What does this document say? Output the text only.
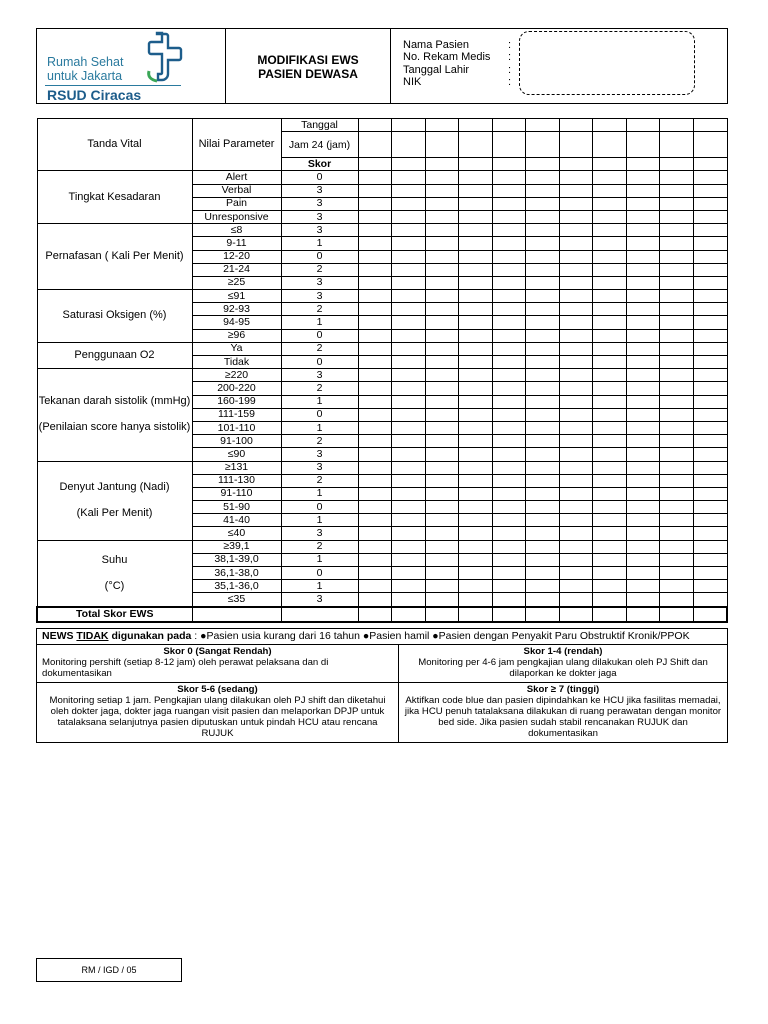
Rumah Sehat
untuk Jakarta
RSUD Ciracas
MODIFIKASI EWS
PASIEN DEWASA
Nama Pasien	:
No. Rekam Medis	:
Tanggal Lahir	:
NIK	:
Tanda Vital	Nilai Parameter	Tanggal											
		Jam 24 (jam)											
		Skor											
Tingkat Kesadaran	Alert	0											
	Verbal	3											
	Pain	3											
	Unresponsive	3											
Pernafasan ( Kali Per Menit)	≤8	3											
	9-11	1											
	12-20	0											
	21-24	2											
	≥25	3											
Saturasi Oksigen (%)	≤91	3											
	92-93	2											
	94-95	1											
	≥96	0											
Penggunaan O2	Ya	2											
	Tidak	0											
Tekanan darah sistolik (mmHg)

(Penilaian score hanya sistolik)	≥220	3											
	200-220	2											
	160-199	1											
	111-159	0											
	101-110	1											
	91-100	2											
	≤90	3											
Denyut Jantung (Nadi)

(Kali Per Menit)	≥131	3											
	111-130	2											
	91-110	1											
	51-90	0											
	41-40	1											
	≤40	3											
Suhu

(°C)	≥39,1	2											
	38,1-39,0	1											
	36,1-38,0	0											
	35,1-36,0	1											
	≤35	3											
Total Skor EWS													
NEWS TIDAK digunakan pada : ●Pasien usia kurang dari 16 tahun ●Pasien hamil ●Pasien dengan Penyakit Paru Obstruktif Kronik/PPOK
Skor 0 (Sangat Rendah)
Monitoring pershift (setiap 8-12 jam) oleh perawat pelaksana dan di dokumentasikan
Skor 1-4 (rendah)
Monitoring per 4-6 jam pengkajian ulang dilakukan oleh PJ Shift dan dilaporkan ke dokter jaga
Skor 5-6 (sedang)
Monitoring setiap 1 jam. Pengkajian ulang dilakukan oleh PJ shift dan diketahui oleh dokter jaga, dokter jaga ruangan visit pasien dan melaporkan DPJP untuk tatalaksana selanjutnya pasien diputuskan untuk pindah HCU atau rencana RUJUK
Skor ≥ 7 (tinggi)
Aktifkan code blue dan pasien dipindahkan ke HCU jika fasilitas memadai, jika HCU penuh tatalaksana dilakukan di ruang perawatan dengan monitor bed side. Jika pasien sudah stabil rencanakan RUJUK dan dokumentasikan
RM / IGD / 05
